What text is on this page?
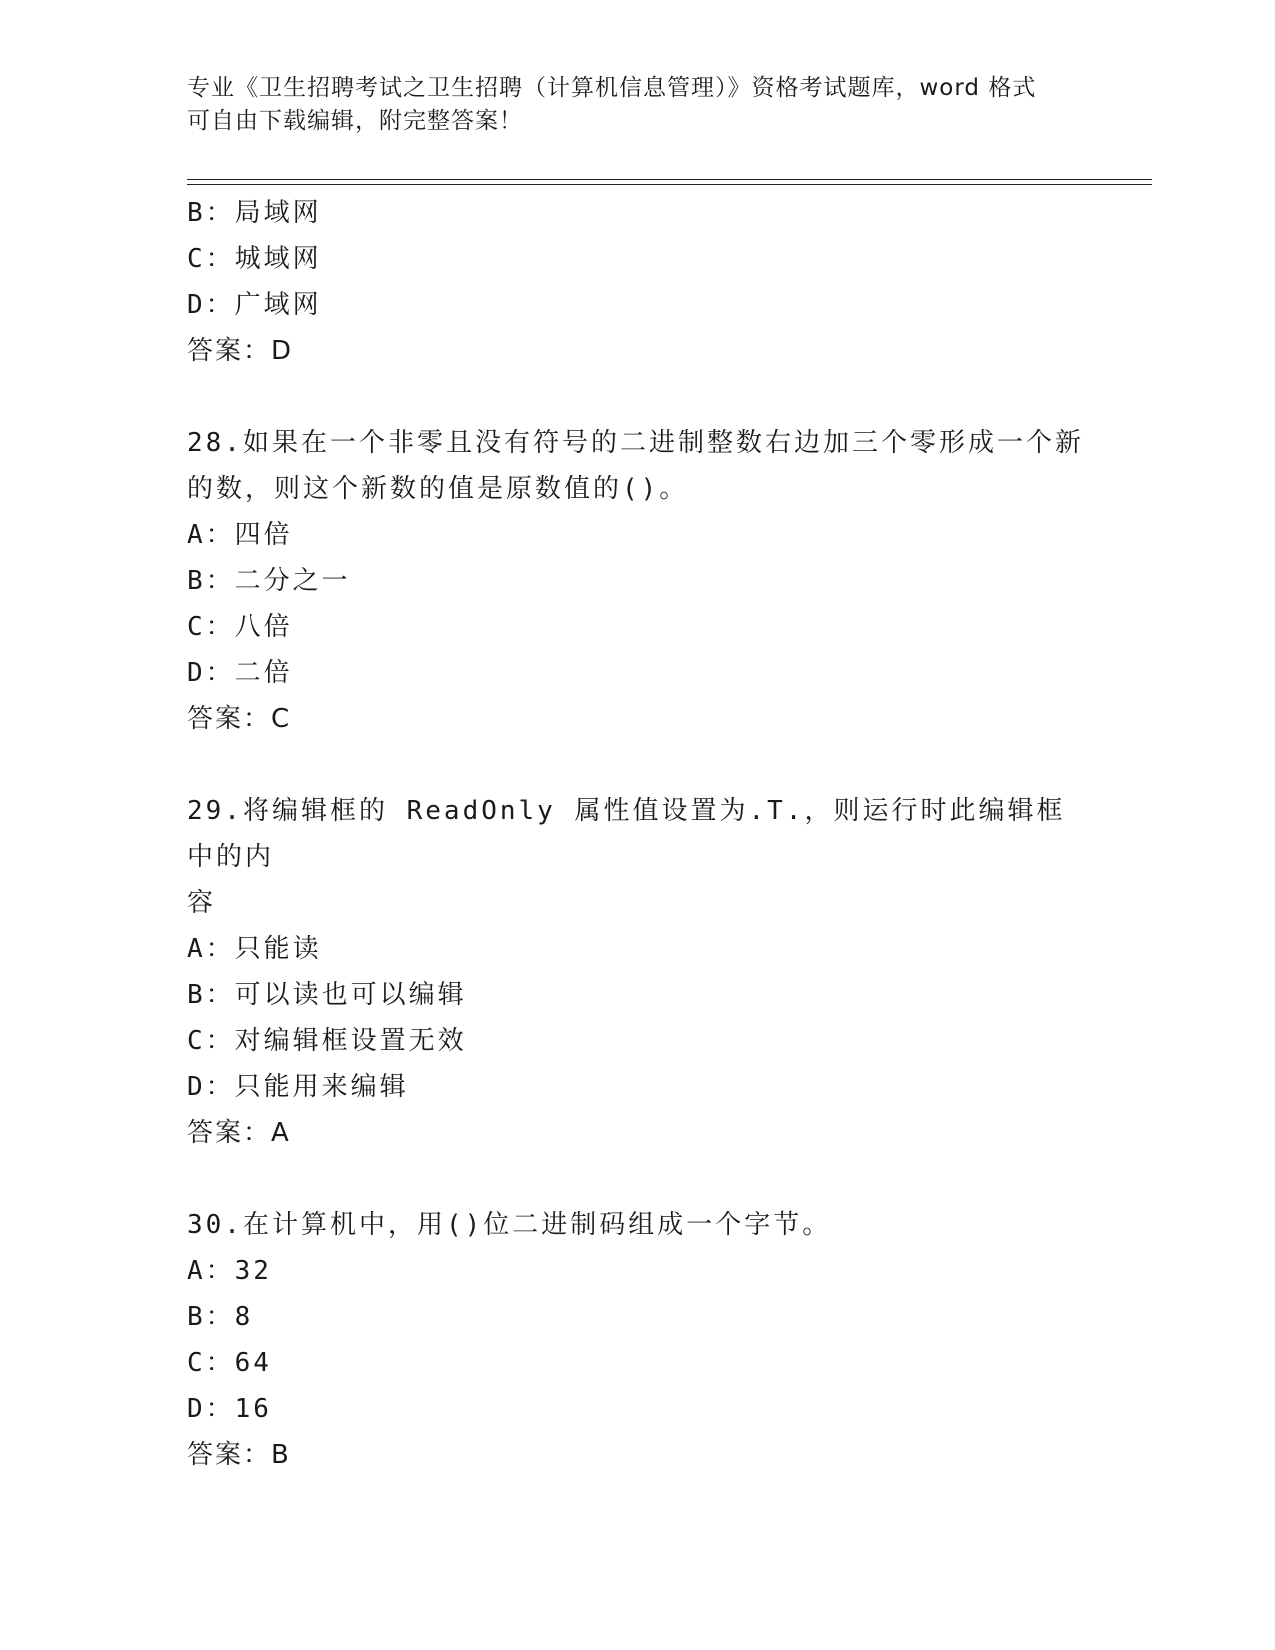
专业《卫生招聘考试之卫生招聘（计算机信息管理）》资格考试题库，word 格式
可自由下载编辑，附完整答案！
B：局域网
C：城域网
D：广域网
答案：D
28.如果在一个非零且没有符号的二进制整数右边加三个零形成一个新
的数，则这个新数的值是原数值的()。
A：四倍
B：二分之一
C：八倍
D：二倍
答案：C
29.将编辑框的 ReadOnly 属性值设置为.T.，则运行时此编辑框中的内
容
A：只能读
B：可以读也可以编辑
C：对编辑框设置无效
D：只能用来编辑
答案：A
30.在计算机中，用()位二进制码组成一个字节。
A：32
B：8
C：64
D：16
答案：B
